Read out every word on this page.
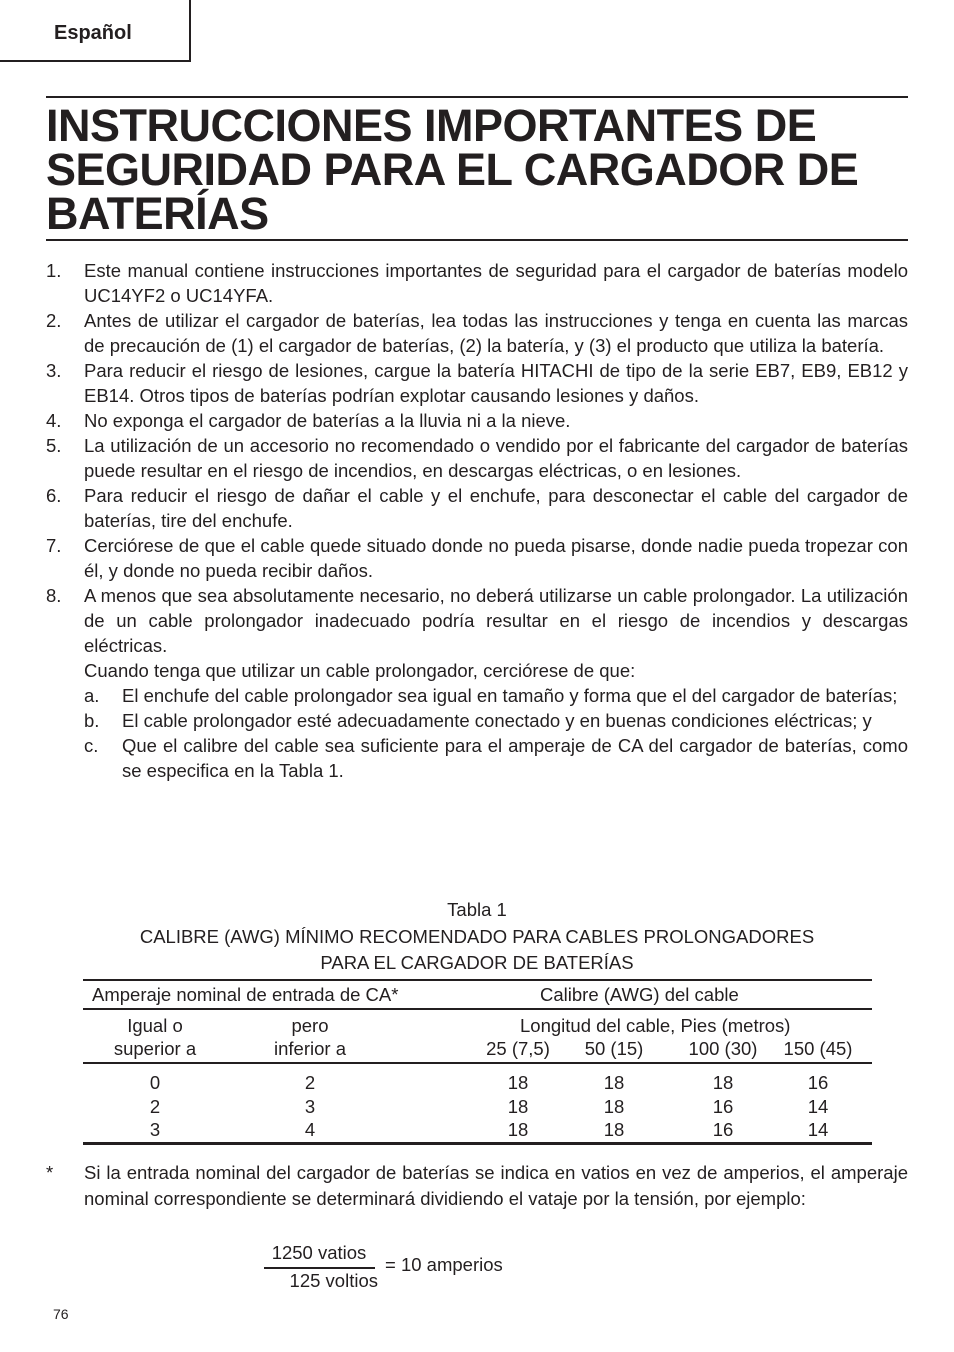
Español
INSTRUCCIONES IMPORTANTES DE SEGURIDAD PARA EL CARGADOR DE BATERÍAS
1. Este manual contiene instrucciones importantes de seguridad para el cargador de baterías modelo UC14YF2 o UC14YFA.
2. Antes de utilizar el cargador de baterías, lea todas las instrucciones y tenga en cuenta las marcas de precaución de (1) el cargador de baterías, (2) la batería, y (3) el producto que utiliza la batería.
3. Para reducir el riesgo de lesiones, cargue la batería HITACHI de tipo de la serie EB7, EB9, EB12 y EB14. Otros tipos de baterías podrían explotar causando lesiones y daños.
4. No exponga el cargador de baterías a la lluvia ni a la nieve.
5. La utilización de un accesorio no recomendado o vendido por el fabricante del cargador de baterías puede resultar en el riesgo de incendios, en descargas eléctricas, o en lesiones.
6. Para reducir el riesgo de dañar el cable y el enchufe, para desconectar el cable del cargador de baterías, tire del enchufe.
7. Cerciórese de que el cable quede situado donde no pueda pisarse, donde nadie pueda tropezar con él, y donde no pueda recibir daños.
8. A menos que sea absolutamente necesario, no deberá utilizarse un cable prolongador. La utilización de un cable prolongador inadecuado podría resultar en el riesgo de incendios y descargas eléctricas.
Cuando tenga que utilizar un cable prolongador, cerciórese de que:
a. El enchufe del cable prolongador sea igual en tamaño y forma que el del cargador de baterías;
b. El cable prolongador esté adecuadamente conectado y en buenas condiciones eléctricas; y
c. Que el calibre del cable sea suficiente para el amperaje de CA del cargador de baterías, como se especifica en la Tabla 1.
Tabla 1
CALIBRE (AWG) MÍNIMO RECOMENDADO PARA CABLES PROLONGADORES
PARA EL CARGADOR DE BATERÍAS
Amperaje nominal de entrada de CA*	Calibre (AWG) del cable
Igual o
superior a
pero
inferior a
Longitud del cable, Pies (metros)
25 (7,5)	50 (15)	100 (30)	150 (45)
0	2	18	18	18	16
2	3	18	18	16	14
3	4	18	18	16	14
*	Si la entrada nominal del cargador de baterías se indica en vatios en vez de amperios, el amperaje nominal correspondiente se determinará dividiendo el vataje por la tensión, por ejemplo:
1250 vatios
125 voltios
= 10 amperios
76
